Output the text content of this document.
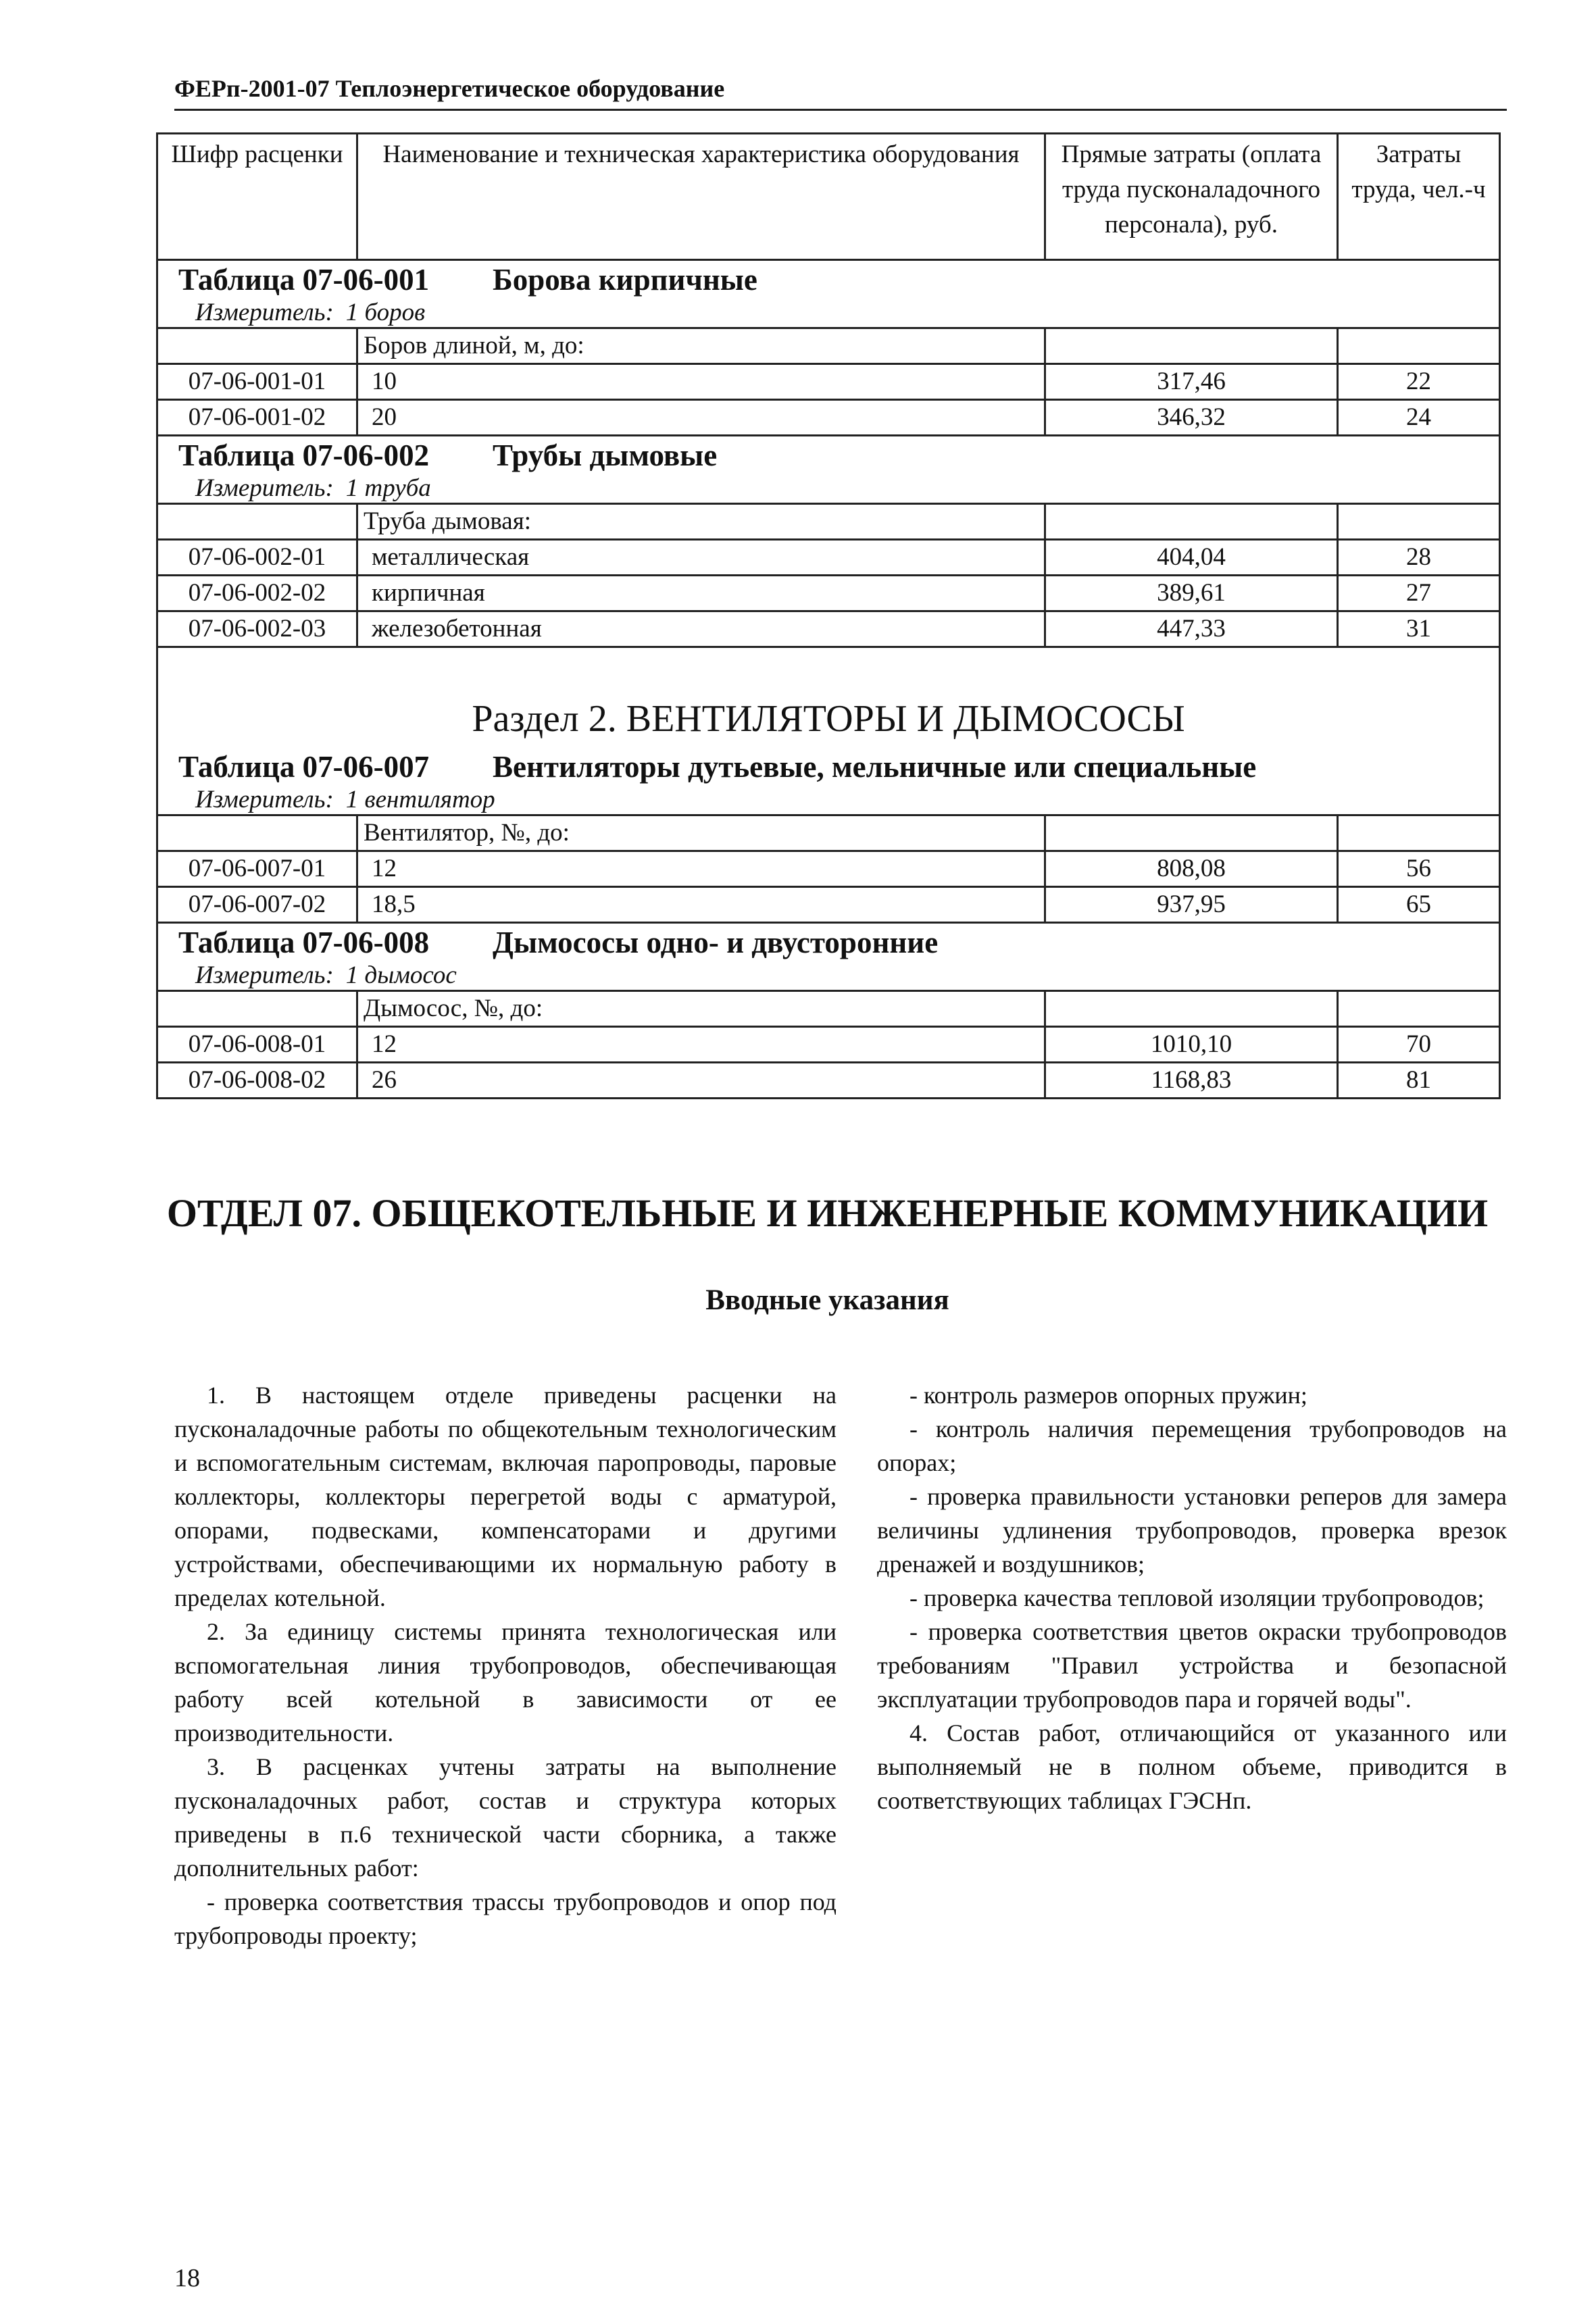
ФЕРп-2001-07 Теплоэнергетическое оборудование
Шифр расценки	Наименование и техническая характеристика оборудования	Прямые затраты (оплата труда пусконаладочного персонала), руб.	Затраты труда, чел.-ч

Таблица 07-06-001 Борова кирпичные
Измеритель: 1 боров			

	Боров длиной, м, до:		
07-06-001-01	10	317,46	22
07-06-001-02	20	346,32	24

Таблица 07-06-002 Трубы дымовые
Измеритель: 1 труба			

	Труба дымовая:		
07-06-002-01	металлическая	404,04	28
07-06-002-02	кирпичная	389,61	27
07-06-002-03	железобетонная	447,33	31
Раздел 2. ВЕНТИЛЯТОРЫ И ДЫМОСОСЫ			

Таблица 07-06-007 Вентиляторы дутьевые, мельничные или специальные
Измеритель: 1 вентилятор			

	Вентилятор, №, до:		
07-06-007-01	12	808,08	56
07-06-007-02	18,5	937,95	65

Таблица 07-06-008 Дымососы одно- и двусторонние
Измеритель: 1 дымосос			

	Дымосос, №, до:		
07-06-008-01	12	1010,10	70
07-06-008-02	26	1168,83	81
ОТДЕЛ 07. ОБЩЕКОТЕЛЬНЫЕ И ИНЖЕНЕРНЫЕ КОММУНИКАЦИИ
Вводные указания

1. В настоящем отделе приведены расценки на пусконаладочные работы по общекотельным технологическим и вспомогательным системам, включая паропроводы, паровые коллекторы, коллекторы перегретой воды с арматурой, опорами, подвесками, компенсаторами и другими устройствами, обеспечивающими их нормальную работу в пределах котельной.

2. За единицу системы принята технологическая или вспомогательная линия трубопроводов, обеспечивающая работу всей котельной в зависимости от ее производительности.

3. В расценках учтены затраты на выполнение пусконаладочных работ, состав и структура которых приведены в п.6 технической части сборника, а также дополнительных работ:

- проверка соответствия трассы трубопроводов и опор под трубопроводы проекту;

- контроль размеров опорных пружин;

- контроль наличия перемещения трубопроводов на опорах;

- проверка правильности установки реперов для замера величины удлинения трубопроводов, проверка врезок дренажей и воздушников;

- проверка качества тепловой изоляции трубопроводов;

- проверка соответствия цветов окраски трубопроводов требованиям "Правил устройства и безопасной эксплуатации трубопроводов пара и горячей воды".

4. Состав работ, отличающийся от указанного или выполняемый не в полном объеме, приводится в соответствующих таблицах ГЭСНп.

18
